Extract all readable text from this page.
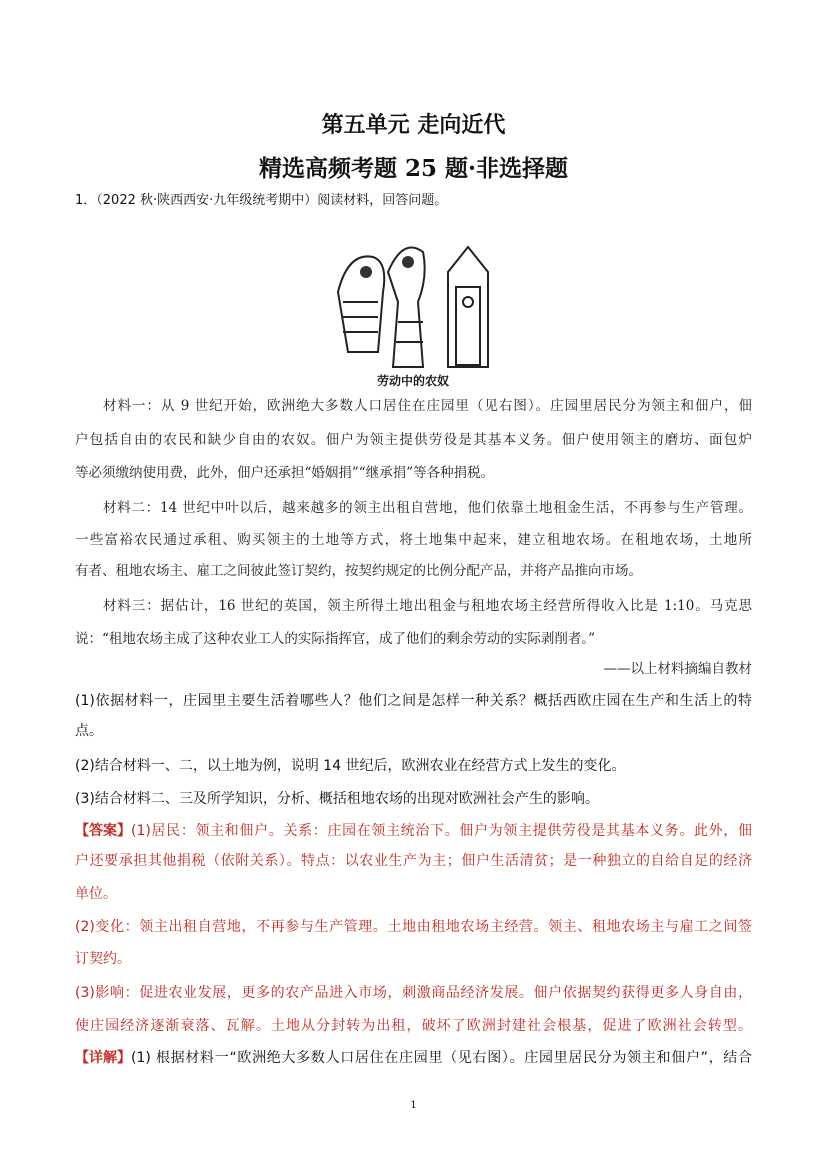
第五单元 走向近代
精选高频考题 25 题·非选择题
1．（2022 秋·陕西西安·九年级统考期中）阅读材料，回答问题。
劳动中的农奴
材料一：从 9 世纪开始，欧洲绝大多数人口居住在庄园里（见右图）。庄园里居民分为领主和佃户，佃
户包括自由的农民和缺少自由的农奴。佃户为领主提供劳役是其基本义务。佃户使用领主的磨坊、面包炉
等必须缴纳使用费，此外，佃户还承担“婚姻捐”“继承捐”等各种捐税。
材料二：14 世纪中叶以后，越来越多的领主出租自营地，他们依靠土地租金生活，不再参与生产管理。
一些富裕农民通过承租、购买领主的土地等方式，将土地集中起来，建立租地农场。在租地农场，土地所
有者、租地农场主、雇工之间彼此签订契约，按契约规定的比例分配产品，并将产品推向市场。
材料三：据估计，16 世纪的英国，领主所得土地出租金与租地农场主经营所得收入比是 1:10。马克思
说：“租地农场主成了这种农业工人的实际指挥官，成了他们的剩余劳动的实际剥削者。”
——以上材料摘编自教材
(1)依据材料一，庄园里主要生活着哪些人？他们之间是怎样一种关系？概括西欧庄园在生产和生活上的特
点。
(2)结合材料一、二，以土地为例，说明 14 世纪后，欧洲农业在经营方式上发生的变化。
(3)结合材料二、三及所学知识，分析、概括租地农场的出现对欧洲社会产生的影响。
【答案】 (1)居民：领主和佃户。关系：庄园在领主统治下。佃户为领主提供劳役是其基本义务。此外，佃
户还要承担其他捐税（依附关系）。特点：以农业生产为主；佃户生活清贫；是一种独立的自给自足的经济
单位。
(2)变化：领主出租自营地，不再参与生产管理。土地由租地农场主经营。领主、租地农场主与雇工之间签
订契约。
(3)影响：促进农业发展，更多的农产品进入市场，刺激商品经济发展。佃户依据契约获得更多人身自由，
使庄园经济逐渐衰落、瓦解。土地从分封转为出租，破坏了欧洲封建社会根基，促进了欧洲社会转型。
【详解】 (1) 根据材料一“欧洲绝大多数人口居住在庄园里（见右图）。庄园里居民分为领主和佃户”，结合
1
